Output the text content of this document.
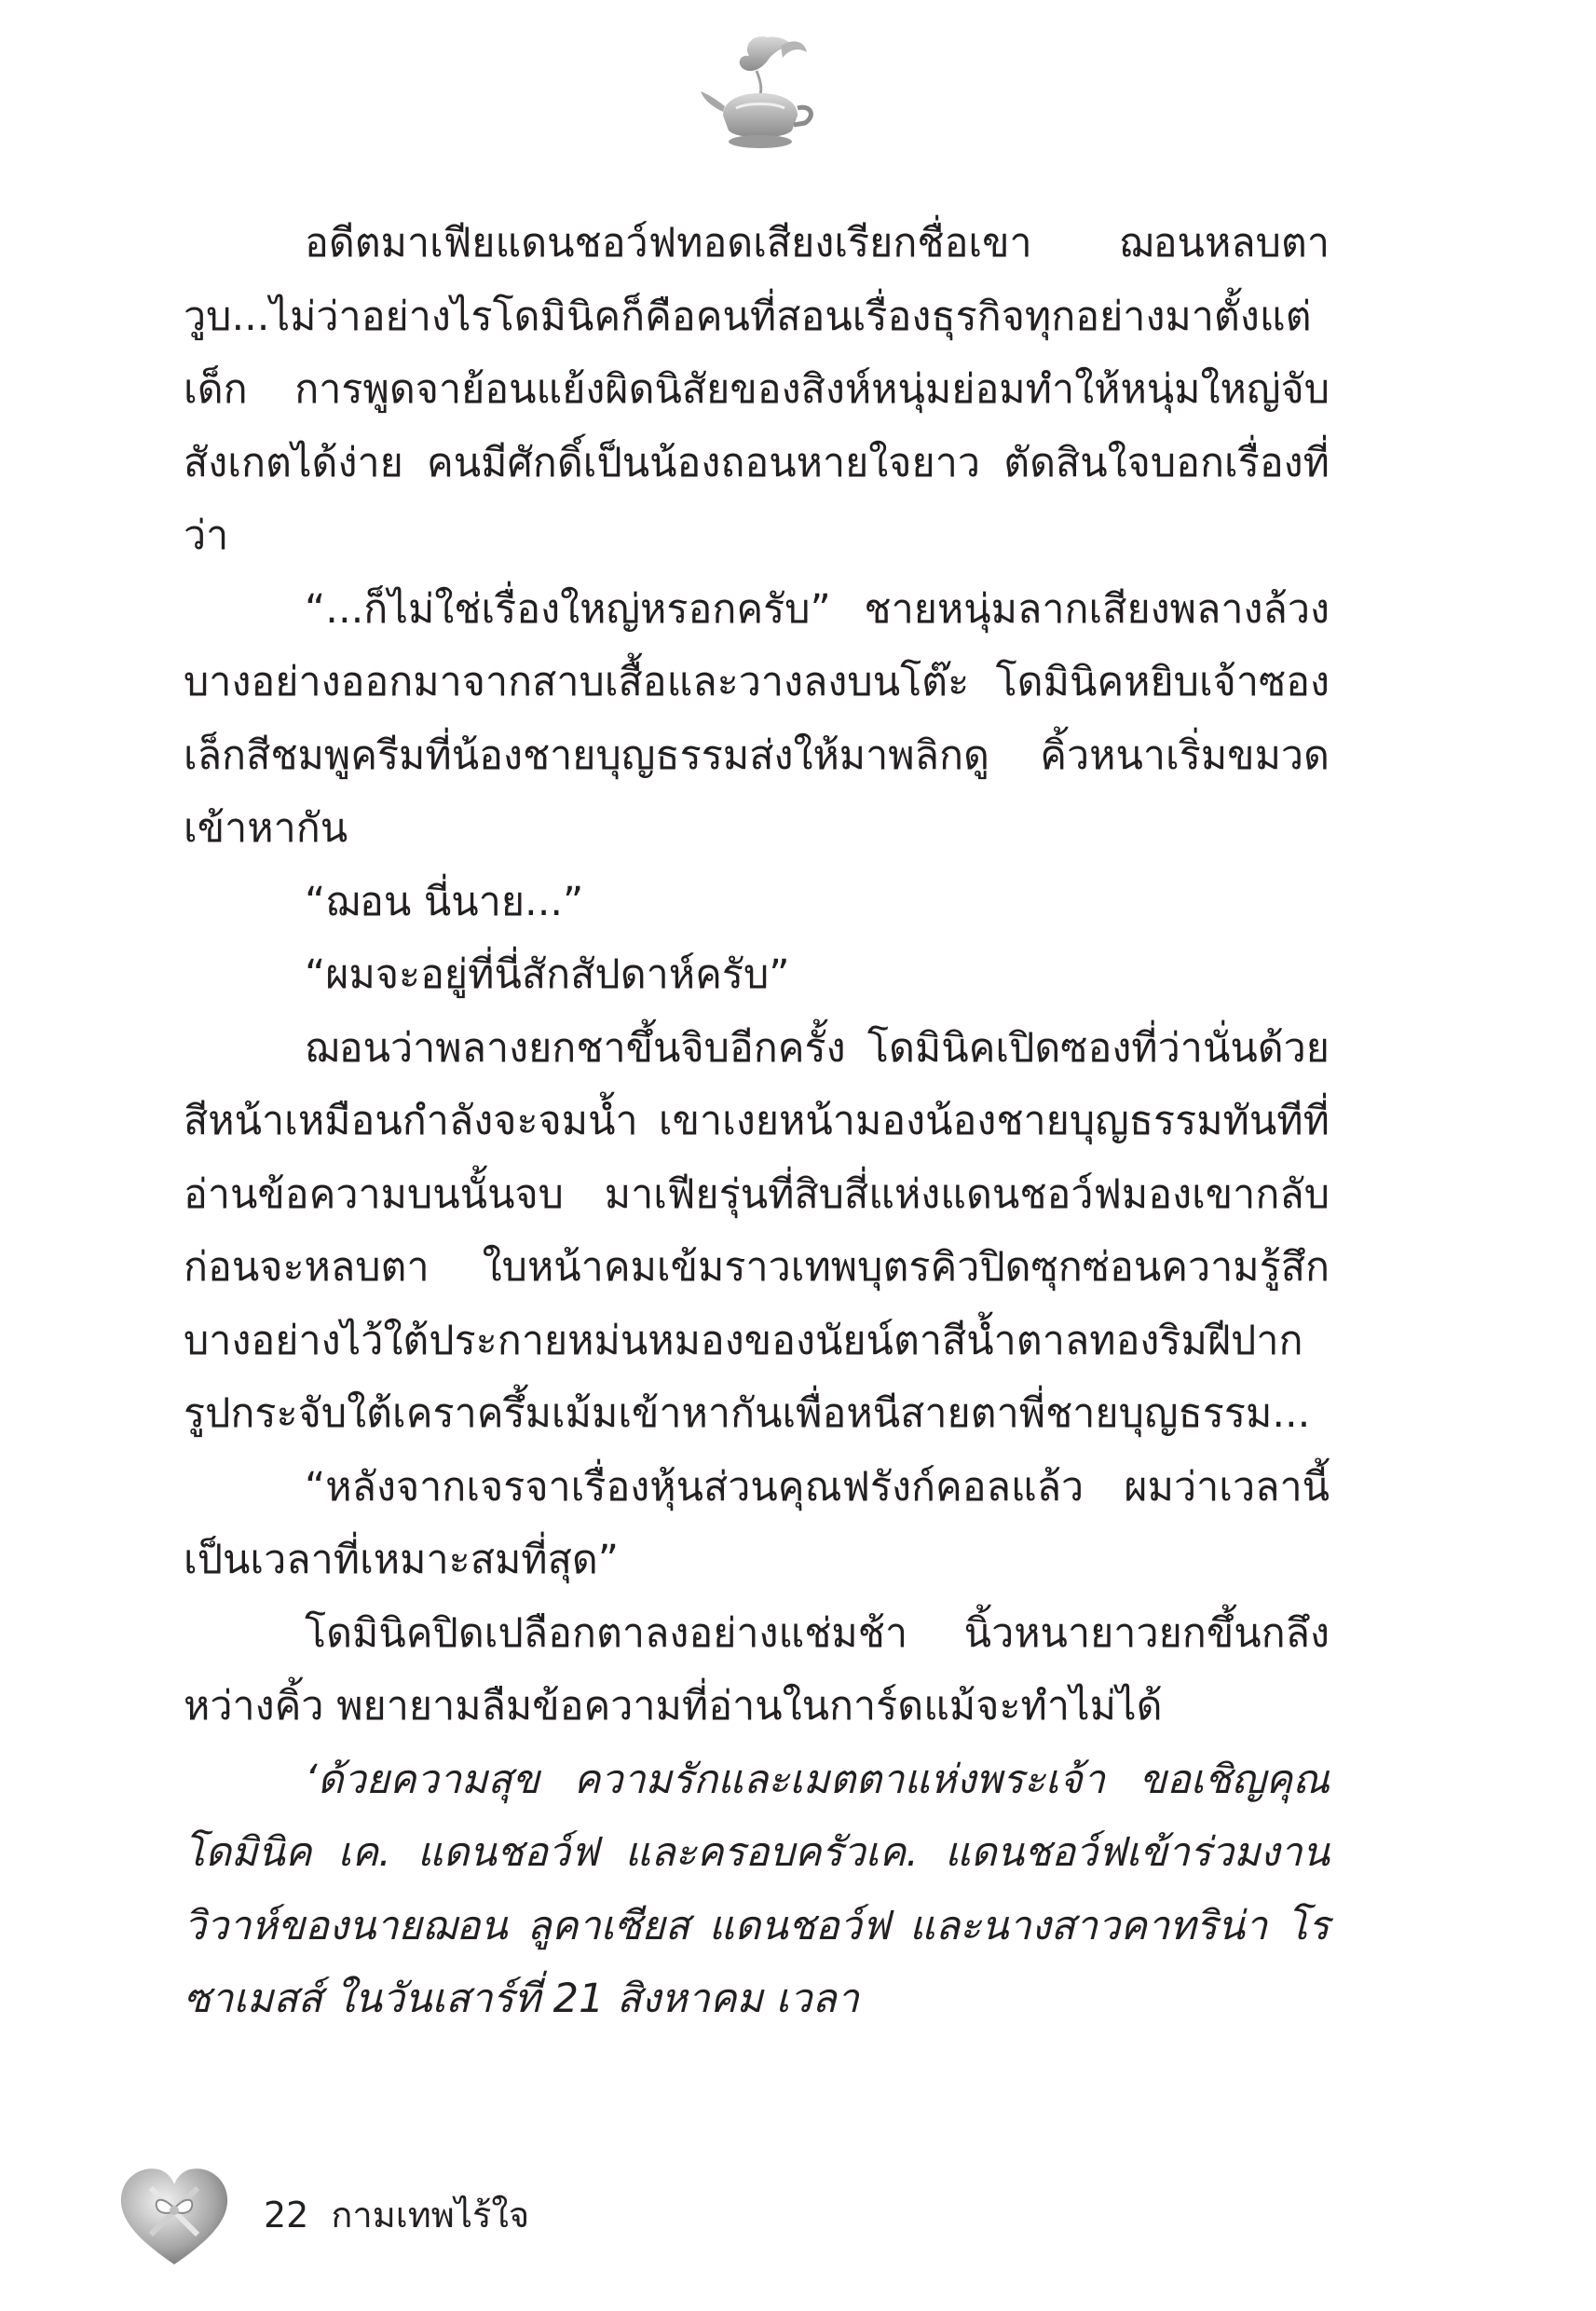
อดีตมาเฟียแดนชอว์ฟทอดเสียงเรียกชื่อเขา ฌอนหลบตาวูบ...ไม่ว่าอย่างไรโดมินิคก็คือคนที่สอนเรื่องธุรกิจทุกอย่างมาตั้งแต่เด็ก การพูดจาย้อนแย้งผิดนิสัยของสิงห์หนุ่มย่อมทำให้หนุ่มใหญ่จับสังเกตได้ง่าย คนมีศักดิ์เป็นน้องถอนหายใจยาว ตัดสินใจบอกเรื่องที่ว่า

“...ก็ไม่ใช่เรื่องใหญ่หรอกครับ” ชายหนุ่มลากเสียงพลางล้วงบางอย่างออกมาจากสาบเสื้อและวางลงบนโต๊ะ โดมินิคหยิบเจ้าซองเล็กสีชมพูครีมที่น้องชายบุญธรรมส่งให้มาพลิกดู คิ้วหนาเริ่มขมวดเข้าหากัน

“ฌอน นี่นาย...”

“ผมจะอยู่ที่นี่สักสัปดาห์ครับ”

ฌอนว่าพลางยกชาขึ้นจิบอีกครั้ง โดมินิคเปิดซองที่ว่านั่นด้วยสีหน้าเหมือนกำลังจะจมน้ำ เขาเงยหน้ามองน้องชายบุญธรรมทันทีที่อ่านข้อความบนนั้นจบ มาเฟียรุ่นที่สิบสี่แห่งแดนชอว์ฟมองเขากลับก่อนจะหลบตา ใบหน้าคมเข้มราวเทพบุตรคิวปิดซุกซ่อนความรู้สึกบางอย่างไว้ใต้ประกายหม่นหมองของนัยน์ตาสีน้ำตาลทองริมฝีปากรูปกระจับใต้เคราครึ้มเม้มเข้าหากันเพื่อหนีสายตาพี่ชายบุญธรรม...

“หลังจากเจรจาเรื่องหุ้นส่วนคุณฟรังก์คอลแล้ว ผมว่าเวลานี้เป็นเวลาที่เหมาะสมที่สุด”

โดมินิคปิดเปลือกตาลงอย่างแช่มช้า นิ้วหนายาวยกขึ้นกลึงหว่างคิ้ว พยายามลืมข้อความที่อ่านในการ์ดแม้จะทำไม่ได้

‘ด้วยความสุข ความรักและเมตตาแห่งพระเจ้า ขอเชิญคุณโดมินิค เค. แดนชอว์ฟ และครอบครัวเค. แดนชอว์ฟเข้าร่วมงานวิวาห์ของนายฌอน ลูคาเซียส แดนชอว์ฟ และนางสาวคาทริน่า โรซาเมสส์ ในวันเสาร์ที่ 21 สิงหาคม เวลา

22 กามเทพไร้ใจ
